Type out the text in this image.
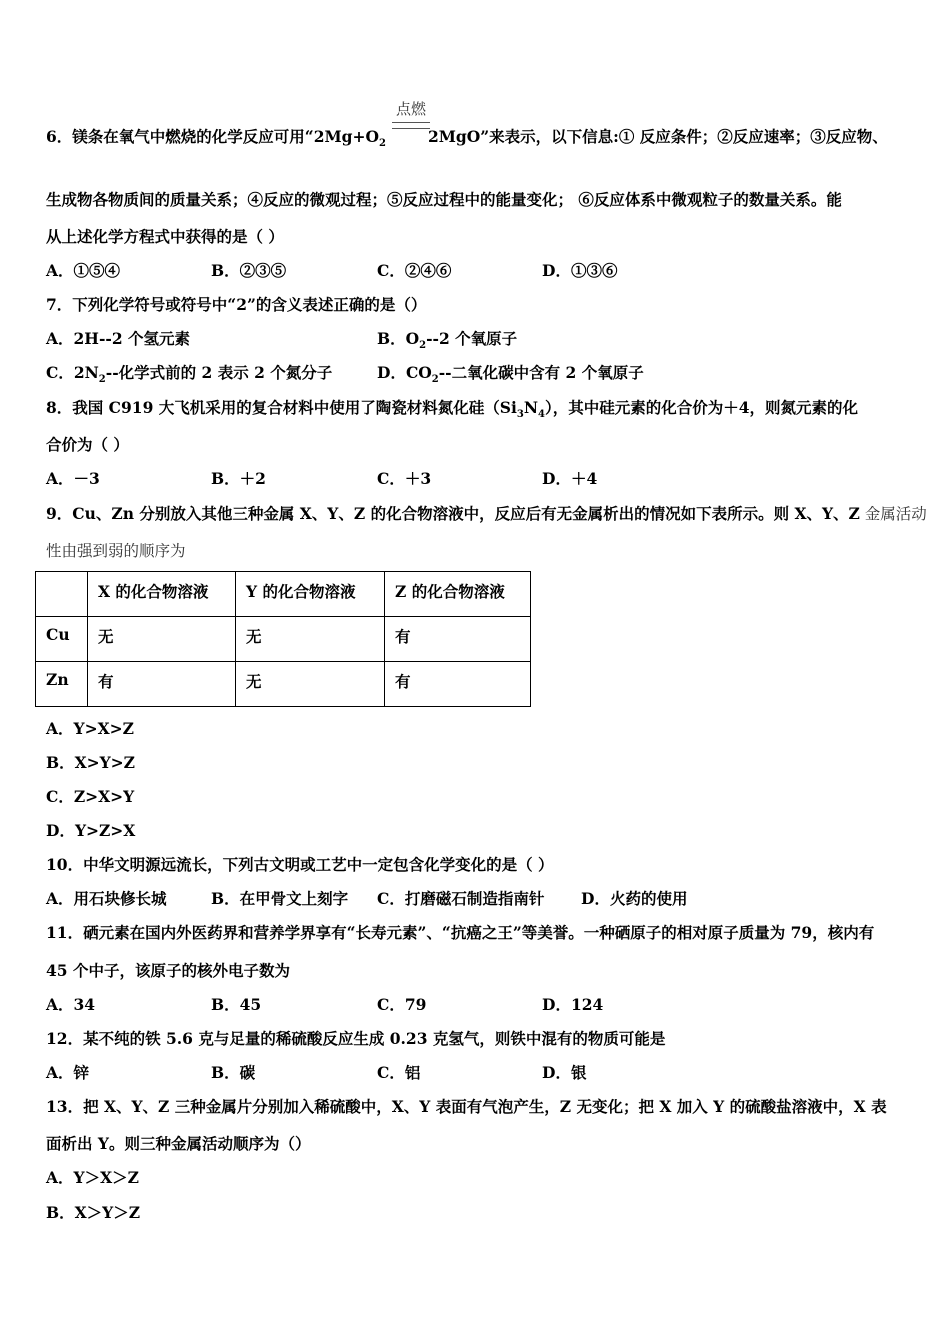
点燃
6．镁条在氧气中燃烧的化学反应可用“$2Mg+O_2$	2MgO”来表示，以下信息:① 反应条件；②反应速率；③反应物、
生成物各物质间的质量关系；④反应的微观过程；⑤反应过程中的能量变化； ⑥反应体系中微观粒子的数量关系。能
从上述化学方程式中获得的是（ ）
A．①⑤④	B．②③⑤	C．②④⑥	D．①③⑥
7．下列化学符号或符号中“2”的含义表述正确的是（）
A．2H--2 个氢元素	B．$O_2--2$ 个氧原子
C．$2N_2--$化学式前的 2 表示 2 个氮分子	D．$CO_2--$二氧化碳中含有 2 个氧原子
8．我国 C919 大飞机采用的复合材料中使用了陶瓷材料氮化硅$(Si_3N_4)$，其中硅元素的化合价为＋4，则氮元素的化
合价为（ ）
A．－3	B．＋2	C．＋3	D．＋4
9．Cu、Zn 分别放入其他三种金属 X、Y、Z 的化合物溶液中，反应后有无金属析出的情况如下表所示。则 X、Y、Z 金属活动
性由强到弱的顺序为
	X 的化合物溶液	Y 的化合物溶液	Z 的化合物溶液
Cu	无	无	有
Zn	有	无	有
A．Y>X>Z
B．X>Y>Z
C．Z>X>Y
D．Y>Z>X
10．中华文明源远流长，下列古文明或工艺中一定包含化学变化的是（ ）
A．用石块修长城	B．在甲骨文上刻字 C．打磨磁石制造指南针 D．火药的使用
11．硒元素在国内外医药界和营养学界享有“长寿元素”、“抗癌之王”等美誉。一种硒原子的相对原子质量为 79，核内有
45 个中子，该原子的核外电子数为
A．34	B．45	C．79	D．124
12．某不纯的铁 5.6 克与足量的稀硫酸反应生成 0.23 克氢气，则铁中混有的物质可能是
A．锌	B．碳	C．铝	D．银
13．把 X、Y、Z 三种金属片分别加入稀硫酸中，X、Y 表面有气泡产生，Z 无变化；把 X 加入 Y 的硫酸盐溶液中，X 表
面析出 Y。则三种金属活动顺序为（）
A．Y＞X＞Z
B．X＞Y＞Z
